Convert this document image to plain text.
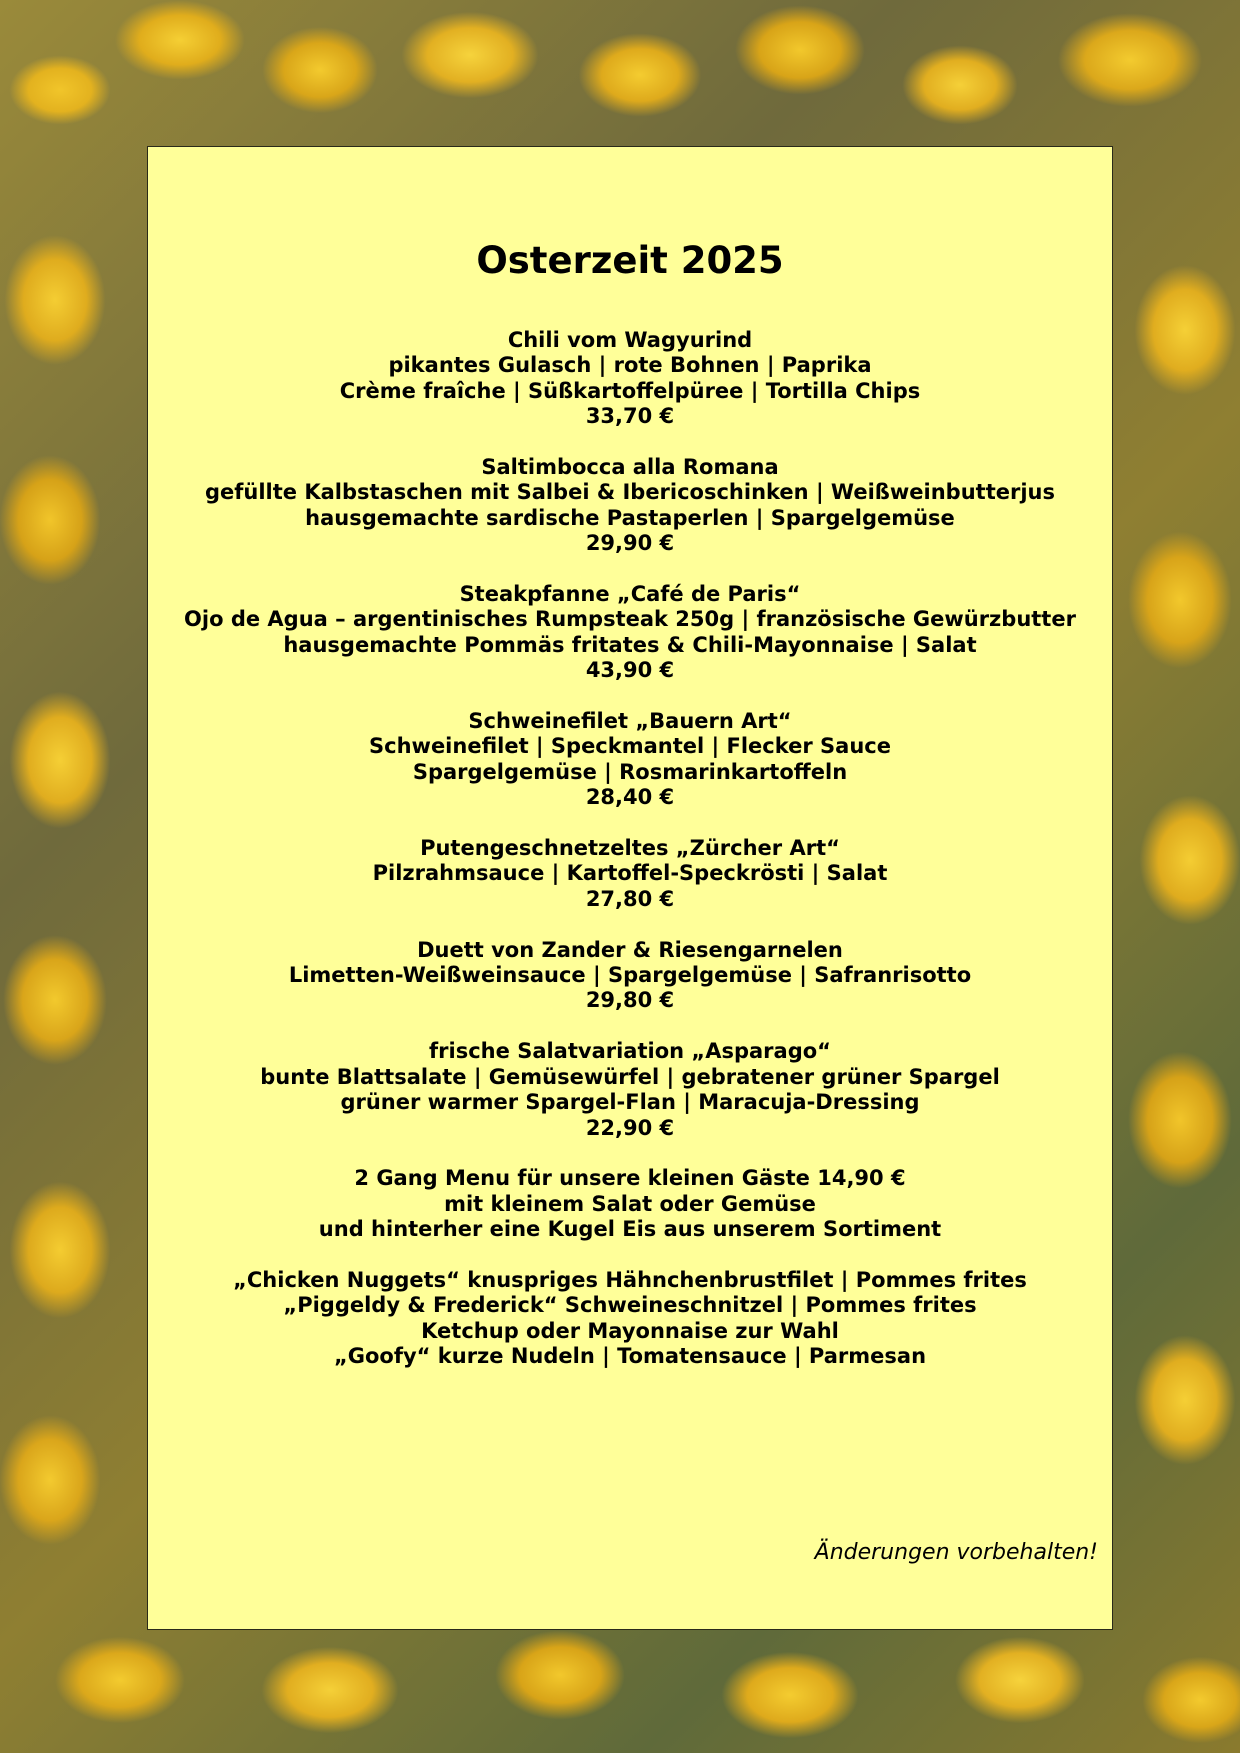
Osterzeit 2025
Chili vom Wagyurind
pikantes Gulasch | rote Bohnen | Paprika
Crème fraîche | Süßkartoffelpüree | Tortilla Chips
33,70 €
Saltimbocca alla Romana
gefüllte Kalbstaschen mit Salbei & Ibericoschinken | Weißweinbutterjus
hausgemachte sardische Pastaperlen | Spargelgemüse
29,90 €
Steakpfanne „Café de Paris“
Ojo de Agua – argentinisches Rumpsteak 250g | französische Gewürzbutter
hausgemachte Pommäs fritates & Chili-Mayonnaise | Salat
43,90 €
Schweinefilet „Bauern Art“
Schweinefilet | Speckmantel | Flecker Sauce
Spargelgemüse | Rosmarinkartoffeln
28,40 €
Putengeschnetzeltes „Zürcher Art“
Pilzrahmsauce | Kartoffel-Speckrösti | Salat
27,80 €
Duett von Zander & Riesengarnelen
Limetten-Weißweinsauce | Spargelgemüse | Safranrisotto
29,80 €
frische Salatvariation „Asparago“
bunte Blattsalate | Gemüsewürfel | gebratener grüner Spargel
grüner warmer Spargel-Flan | Maracuja-Dressing
22,90 €
2 Gang Menu für unsere kleinen Gäste 14,90 €
mit kleinem Salat oder Gemüse
und hinterher eine Kugel Eis aus unserem Sortiment
„Chicken Nuggets“ knuspriges Hähnchenbrustfilet | Pommes frites
„Piggeldy & Frederick“ Schweineschnitzel | Pommes frites
Ketchup oder Mayonnaise zur Wahl
„Goofy“ kurze Nudeln | Tomatensauce | Parmesan
Änderungen vorbehalten!
